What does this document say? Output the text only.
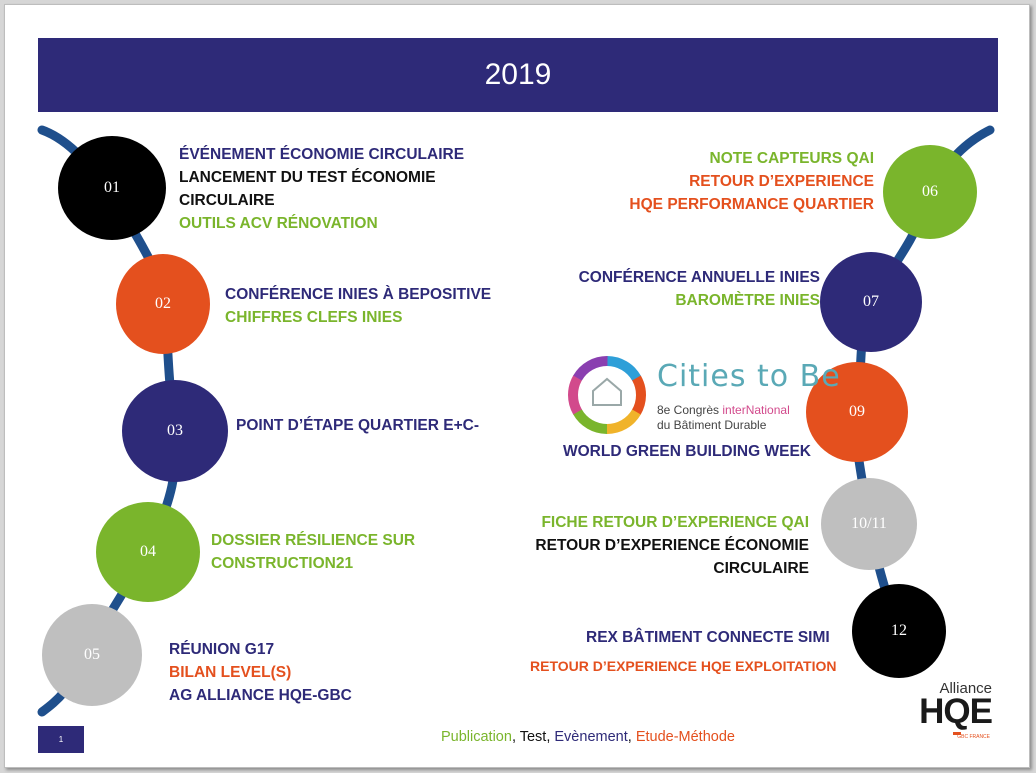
2019
01
02
03
04
05
06
07
09
10/11
12
ÉVÉNEMENT ÉCONOMIE CIRCULAIRE
LANCEMENT DU TEST ÉCONOMIE
CIRCULAIRE
OUTILS ACV RÉNOVATION
CONFÉRENCE INIES À BEPOSITIVE
CHIFFRES CLEFS INIES
POINT D’ÉTAPE QUARTIER E+C-
DOSSIER RÉSILIENCE SUR
CONSTRUCTION21
RÉUNION G17
BILAN LEVEL(S)
AG ALLIANCE HQE-GBC
NOTE CAPTEURS QAI
RETOUR D’EXPERIENCE
HQE PERFORMANCE QUARTIER
CONFÉRENCE ANNUELLE INIES
BAROMÈTRE INIES
FICHE RETOUR D’EXPERIENCE QAI
RETOUR D’EXPERIENCE ÉCONOMIE
CIRCULAIRE
REX BÂTIMENT CONNECTE SIMI
RETOUR D’EXPERIENCE HQE EXPLOITATION
Cities to Be
8e Congrès interNational
du Bâtiment Durable
WORLD GREEN BUILDING WEEK
Publication, Test, Evènement, Etude-Méthode
1
Alliance
HQE
GBC FRANCE
